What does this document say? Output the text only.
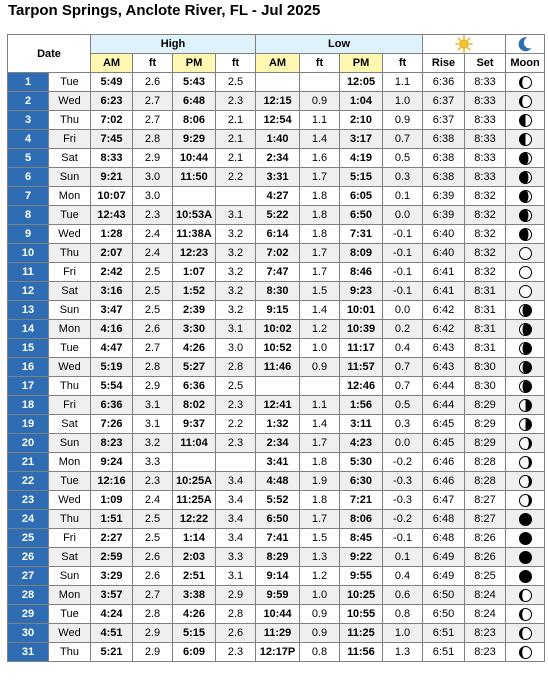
Tarpon Springs, Anclote River, FL - Jul 2025
Date		High				Low	

		AM	ft	PM	ft	AM	ft	PM	ft	Rise	Set	Moon
1	Tue	5:49	2.6	5:43	2.5			12:05	1.1	6:36	8:33	

2	Wed	6:23	2.7	6:48	2.3	12:15	0.9	1:04	1.0	6:37	8:33	

3	Thu	7:02	2.7	8:06	2.1	12:54	1.1	2:10	0.9	6:37	8:33	

4	Fri	7:45	2.8	9:29	2.1	1:40	1.4	3:17	0.7	6:38	8:33	

5	Sat	8:33	2.9	10:44	2.1	2:34	1.6	4:19	0.5	6:38	8:33	

6	Sun	9:21	3.0	11:50	2.2	3:31	1.7	5:15	0.3	6:38	8:33	

7	Mon	10:07	3.0			4:27	1.8	6:05	0.1	6:39	8:32	

8	Tue	12:43	2.3	10:53A	3.1	5:22	1.8	6:50	0.0	6:39	8:32	

9	Wed	1:28	2.4	11:38A	3.2	6:14	1.8	7:31	-0.1	6:40	8:32	

10	Thu	2:07	2.4	12:23	3.2	7:02	1.7	8:09	-0.1	6:40	8:32	

11	Fri	2:42	2.5	1:07	3.2	7:47	1.7	8:46	-0.1	6:41	8:32	

12	Sat	3:16	2.5	1:52	3.2	8:30	1.5	9:23	-0.1	6:41	8:31	

13	Sun	3:47	2.5	2:39	3.2	9:15	1.4	10:01	0.0	6:42	8:31	

14	Mon	4:16	2.6	3:30	3.1	10:02	1.2	10:39	0.2	6:42	8:31	

15	Tue	4:47	2.7	4:26	3.0	10:52	1.0	11:17	0.4	6:43	8:31	

16	Wed	5:19	2.8	5:27	2.8	11:46	0.9	11:57	0.7	6:43	8:30	

17	Thu	5:54	2.9	6:36	2.5			12:46	0.7	6:44	8:30	

18	Fri	6:36	3.1	8:02	2.3	12:41	1.1	1:56	0.5	6:44	8:29	

19	Sat	7:26	3.1	9:37	2.2	1:32	1.4	3:11	0.3	6:45	8:29	

20	Sun	8:23	3.2	11:04	2.3	2:34	1.7	4:23	0.0	6:45	8:29	

21	Mon	9:24	3.3			3:41	1.8	5:30	-0.2	6:46	8:28	

22	Tue	12:16	2.3	10:25A	3.4	4:48	1.9	6:30	-0.3	6:46	8:28	

23	Wed	1:09	2.4	11:25A	3.4	5:52	1.8	7:21	-0.3	6:47	8:27	

24	Thu	1:51	2.5	12:22	3.4	6:50	1.7	8:06	-0.2	6:48	8:27	

25	Fri	2:27	2.5	1:14	3.4	7:41	1.5	8:45	-0.1	6:48	8:26	

26	Sat	2:59	2.6	2:03	3.3	8:29	1.3	9:22	0.1	6:49	8:26	

27	Sun	3:29	2.6	2:51	3.1	9:14	1.2	9:55	0.4	6:49	8:25	

28	Mon	3:57	2.7	3:38	2.9	9:59	1.0	10:25	0.6	6:50	8:24	

29	Tue	4:24	2.8	4:26	2.8	10:44	0.9	10:55	0.8	6:50	8:24	

30	Wed	4:51	2.9	5:15	2.6	11:29	0.9	11:25	1.0	6:51	8:23	

31	Thu	5:21	2.9	6:09	2.3	12:17P	0.8	11:56	1.3	6:51	8:23	
